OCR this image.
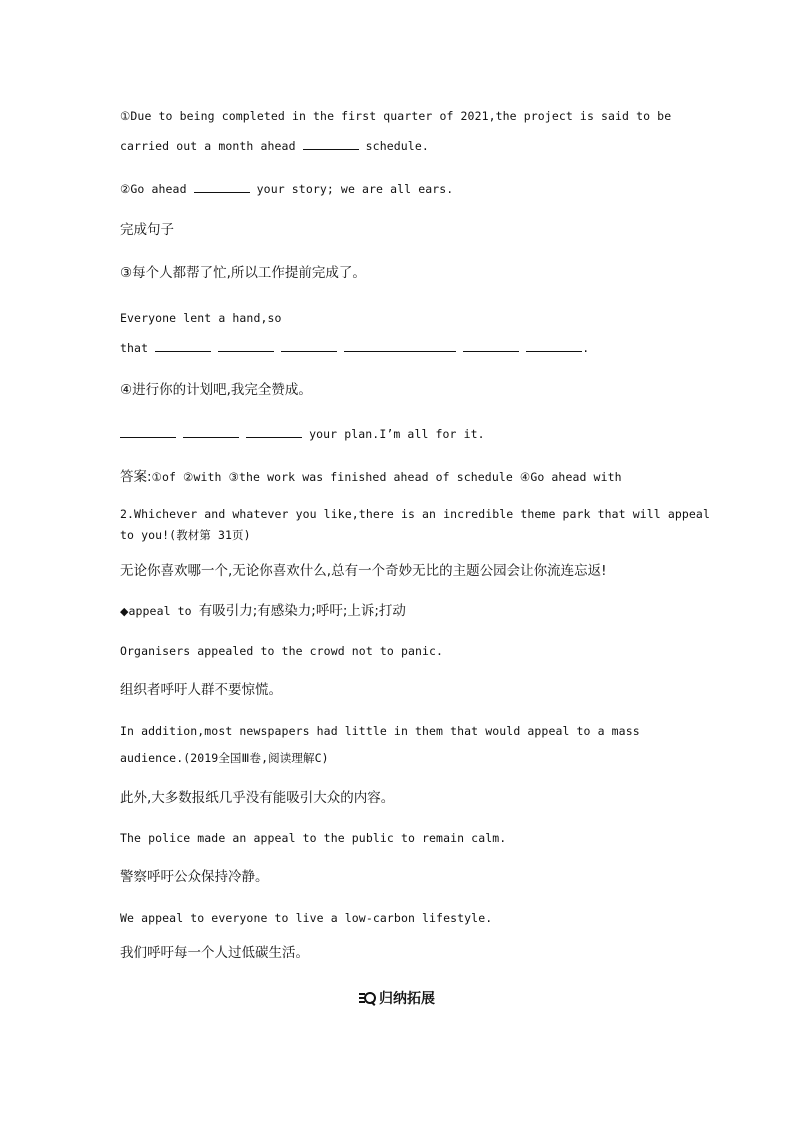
①Due to being completed in the first quarter of 2021,the project is said to be
carried out a month ahead	schedule.
②Go ahead	your story; we are all ears.
完成句子
③每个人都帮了忙,所以工作提前完成了。
Everyone lent a hand,so
that	.
④进行你的计划吧,我完全赞成。
your plan.I’m all for it.
答案:①of ②with ③the work was finished ahead of schedule ④Go ahead with
2.Whichever and whatever you like,there is an incredible theme park that will appeal
to you!(教材第 31页)
无论你喜欢哪一个,无论你喜欢什么,总有一个奇妙无比的主题公园会让你流连忘返!
◆appeal to 有吸引力;有感染力;呼吁;上诉;打动
Organisers appealed to the crowd not to panic.
组织者呼吁人群不要惊慌。
In addition,most newspapers had little in them that would appeal to a mass
audience.(2019全国Ⅲ卷,阅读理解C)
此外,大多数报纸几乎没有能吸引大众的内容。
The police made an appeal to the public to remain calm.
警察呼吁公众保持冷静。
We appeal to everyone to live a low-carbon lifestyle.
我们呼吁每一个人过低碳生活。
归纳拓展
